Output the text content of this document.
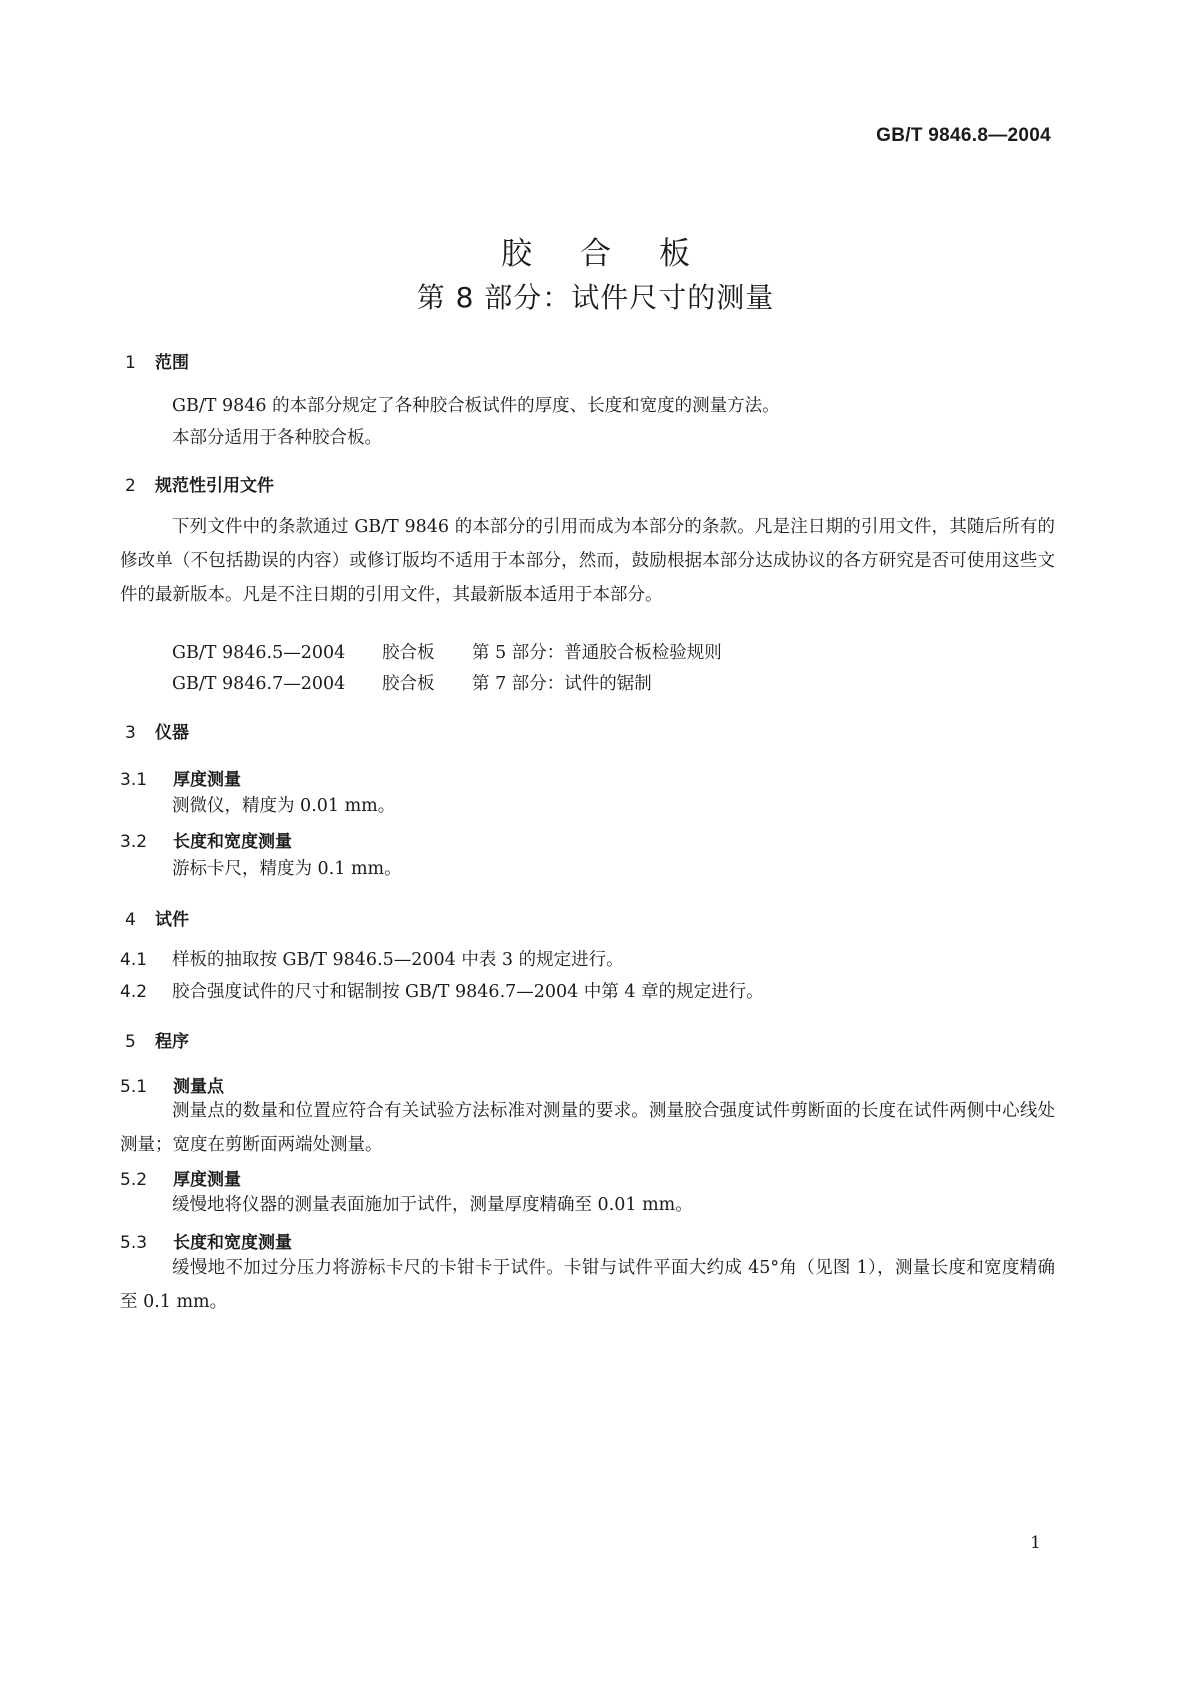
GB/T 9846.8—2004
胶合板
第 8 部分：试件尺寸的测量
1 范围
GB/T 9846 的本部分规定了各种胶合板试件的厚度、长度和宽度的测量方法。
本部分适用于各种胶合板。
2 规范性引用文件
下列文件中的条款通过 GB/T 9846 的本部分的引用而成为本部分的条款。凡是注日期的引用文件，其随后所有的修改单（不包括勘误的内容）或修订版均不适用于本部分，然而，鼓励根据本部分达成协议的各方研究是否可使用这些文件的最新版本。凡是不注日期的引用文件，其最新版本适用于本部分。
GB/T 9846.5—2004 胶合板 第 5 部分：普通胶合板检验规则
GB/T 9846.7—2004 胶合板 第 7 部分：试件的锯制
3 仪器
3.1 厚度测量
测微仪，精度为 0.01 mm。
3.2 长度和宽度测量
游标卡尺，精度为 0.1 mm。
4 试件
4.1 样板的抽取按 GB/T 9846.5—2004 中表 3 的规定进行。
4.2 胶合强度试件的尺寸和锯制按 GB/T 9846.7—2004 中第 4 章的规定进行。
5 程序
5.1 测量点
测量点的数量和位置应符合有关试验方法标准对测量的要求。测量胶合强度试件剪断面的长度在试件两侧中心线处测量；宽度在剪断面两端处测量。
5.2 厚度测量
缓慢地将仪器的测量表面施加于试件，测量厚度精确至 0.01 mm。
5.3 长度和宽度测量
缓慢地不加过分压力将游标卡尺的卡钳卡于试件。卡钳与试件平面大约成 45°角（见图 1），测量长度和宽度精确至 0.1 mm。
1
